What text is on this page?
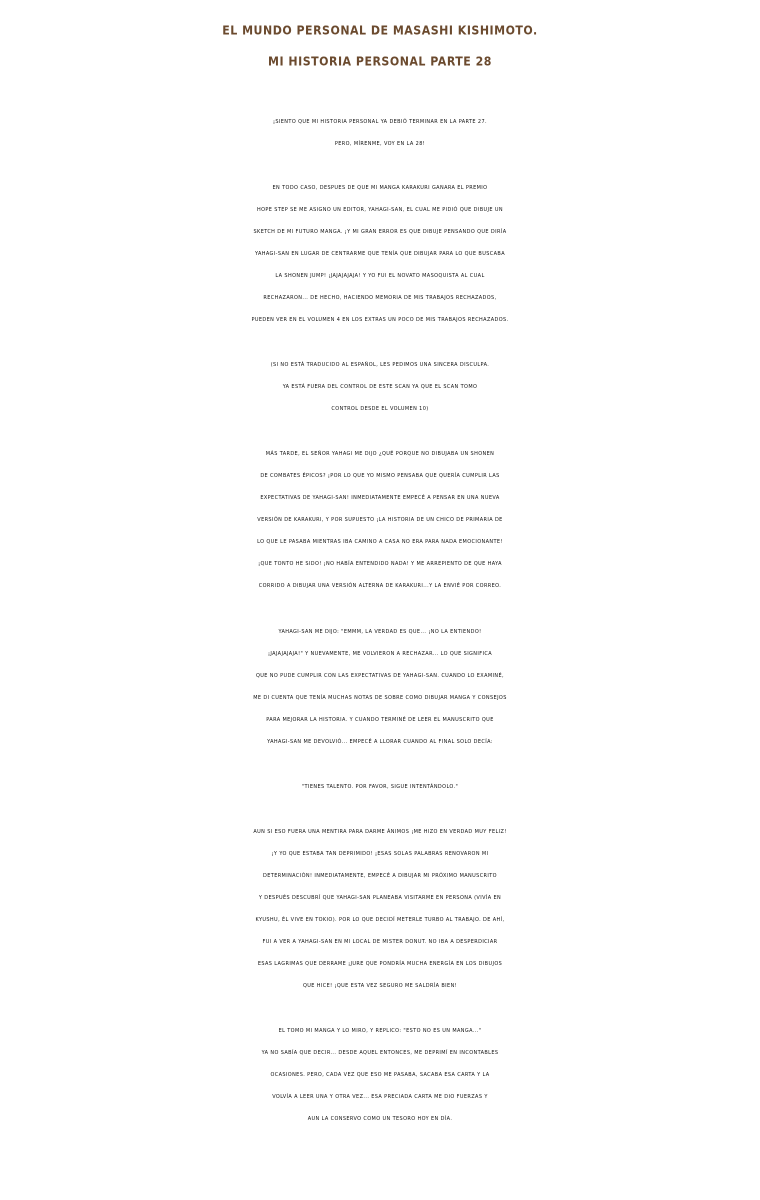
EL MUNDO PERSONAL DE MASASHI KISHIMOTO.
MI HISTORIA PERSONAL PARTE 28
¡SIENTO QUE MI HISTORIA PERSONAL YA DEBIÓ TERMINAR EN LA PARTE 27.
PERO, MÍRENME, VOY EN LA 28!
EN TODO CASO, DESPUES DE QUE MI MANGA KARAKURI GANARA EL PREMIO
HOPE STEP SE ME ASIGNO UN EDITOR, YAHAGI-SAN, EL CUAL ME PIDIÓ QUE DIBUJE UN
SKETCH DE MI FUTURO MANGA. ¡Y MI GRAN ERROR ES QUE DIBUJE PENSANDO QUE DIRÍA
YAHAGI-SAN EN LUGAR DE CENTRARME QUE TENÍA QUE DIBUJAR PARA LO QUE BUSCABA
LA SHONEN JUMP! ¡JAJAJAJAJA! Y YO FUI EL NOVATO MASOQUISTA AL CUAL
RECHAZARON... DE HECHO, HACIENDO MEMORIA DE MIS TRABAJOS RECHAZADOS,
PUEDEN VER EN EL VOLUMEN 4 EN LOS EXTRAS UN POCO DE MIS TRABAJOS RECHAZADOS.
(SI NO ESTÁ TRADUCIDO AL ESPAÑOL, LES PEDIMOS UNA SINCERA DISCULPA.
YA ESTÁ FUERA DEL CONTROL DE ESTE SCAN YA QUE EL SCAN TOMO
CONTROL DESDE EL VOLUMEN 10)
MÁS TARDE, EL SEÑOR YAHAGI ME DIJO ¿QUÉ PORQUE NO DIBUJABA UN SHONEN
DE COMBATES ÉPICOS? ¡POR LO QUE YO MISMO PENSABA QUE QUERÍA CUMPLIR LAS
EXPECTATIVAS DE YAHAGI-SAN! INMEDIATAMENTE EMPECÉ A PENSAR EN UNA NUEVA
VERSIÓN DE KARAKURI, Y POR SUPUESTO ¡LA HISTORIA DE UN CHICO DE PRIMARIA DE
LO QUE LE PASABA MIENTRAS IBA CAMINO A CASA NO ERA PARA NADA EMOCIONANTE!
¡QUE TONTO HE SIDO! ¡NO HABÍA ENTENDIDO NADA! Y ME ARREPIENTO DE QUE HAYA
CORRIDO A DIBUJAR UNA VERSIÓN ALTERNA DE KARAKURI...Y LA ENVIÉ POR CORREO.
YAHAGI-SAN ME DIJO: "EMMM, LA VERDAD ES QUE... ¡NO LA ENTIENDO!
¡JAJAJAJAJA!" Y NUEVAMENTE, ME VOLVIERON A RECHAZAR... LO QUE SIGNIFICA
QUE NO PUDE CUMPLIR CON LAS EXPECTATIVAS DE YAHAGI-SAN. CUANDO LO EXAMINÉ,
ME DI CUENTA QUE TENÍA MUCHAS NOTAS DE SOBRE COMO DIBUJAR MANGA Y CONSEJOS
PARA MEJORAR LA HISTORIA. Y CUANDO TERMINÉ DE LEER EL MANUSCRITO QUE
YAHAGI-SAN ME DEVOLVIÓ... EMPECÉ A LLORAR CUANDO AL FINAL SOLO DECÍA:
"TIENES TALENTO. POR FAVOR, SIGUE INTENTÁNDOLO."
AUN SI ESO FUERA UNA MENTIRA PARA DARME ÁNIMOS ¡ME HIZO EN VERDAD MUY FELIZ!
¡Y YO QUE ESTABA TAN DEPRIMIDO! ¡ESAS SOLAS PALABRAS RENOVARON MI
DETERMINACIÓN! INMEDIATAMENTE, EMPECÉ A DIBUJAR MI PRÓXIMO MANUSCRITO
Y DESPUÉS DESCUBRÍ QUE YAHAGI-SAN PLANEABA VISITARME EN PERSONA (VIVÍA EN
KYUSHU, ÉL VIVE EN TOKIO). POR LO QUE DECIDÍ METERLE TURBO AL TRABAJO. DE AHÍ,
FUI A VER A YAHAGI-SAN EN MI LOCAL DE MISTER DONUT. NO IBA A DESPERDICIAR
ESAS LAGRIMAS QUE DERRAME ¡JURE QUE PONDRÍA MUCHA ENERGÍA EN LOS DIBUJOS
QUE HICE! ¡QUE ESTA VEZ SEGURO ME SALDRÍA BIEN!
EL TOMO MI MANGA Y LO MIRO, Y REPLICO: "ESTO NO ES UN MANGA..."
YA NO SABÍA QUE DECIR... DESDE AQUEL ENTONCES, ME DEPRIMÍ EN INCONTABLES
OCASIONES. PERO, CADA VEZ QUE ESO ME PASABA, SACABA ESA CARTA Y LA
VOLVÍA A LEER UNA Y OTRA VEZ... ESA PRECIADA CARTA ME DIO FUERZAS Y
AUN LA CONSERVO COMO UN TESORO HOY EN DÍA.
